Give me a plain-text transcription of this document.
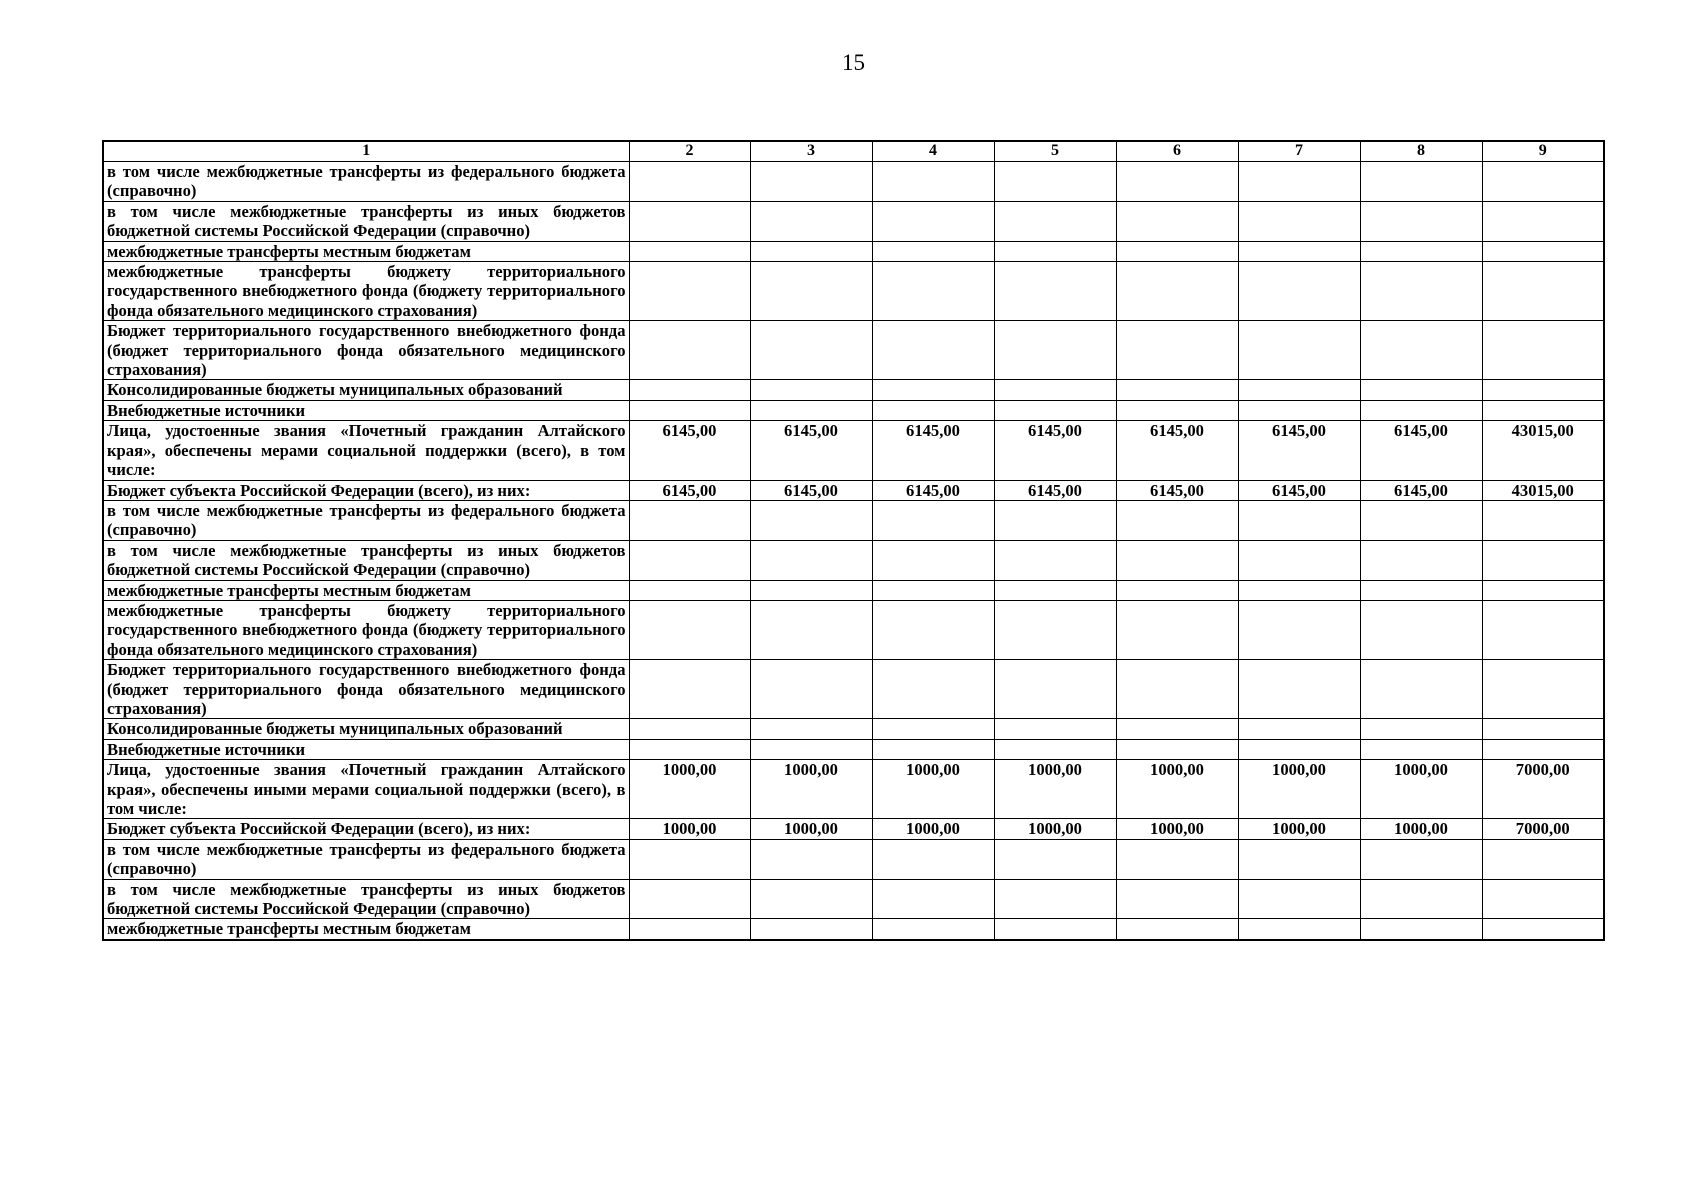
15
1	2	3	4	5	6	7	8	9
в том числе межбюджетные трансферты из федерального бюджета (справочно)								
в том числе межбюджетные трансферты из иных бюджетов бюджетной системы Российской Федерации (справочно)								
межбюджетные трансферты местным бюджетам								
межбюджетные трансферты бюджету территориального государственного внебюджетного фонда (бюджету территориального фонда обязательного медицинского страхования)								
Бюджет территориального государственного внебюджетного фонда (бюджет территориального фонда обязательного медицинского страхования)								
Консолидированные бюджеты муниципальных образований								
Внебюджетные источники								
Лица, удостоенные звания «Почетный гражданин Алтайского края», обеспечены мерами социальной поддержки (всего), в том числе:	6145,00	6145,00	6145,00	6145,00	6145,00	6145,00	6145,00	43015,00
Бюджет субъекта Российской Федерации (всего), из них:	6145,00	6145,00	6145,00	6145,00	6145,00	6145,00	6145,00	43015,00
в том числе межбюджетные трансферты из федерального бюджета (справочно)								
в том числе межбюджетные трансферты из иных бюджетов бюджетной системы Российской Федерации (справочно)								
межбюджетные трансферты местным бюджетам								
межбюджетные трансферты бюджету территориального государственного внебюджетного фонда (бюджету территориального фонда обязательного медицинского страхования)								
Бюджет территориального государственного внебюджетного фонда (бюджет территориального фонда обязательного медицинского страхования)								
Консолидированные бюджеты муниципальных образований								
Внебюджетные источники								
Лица, удостоенные звания «Почетный гражданин Алтайского края», обеспечены иными мерами социальной поддержки (всего), в том числе:	1000,00	1000,00	1000,00	1000,00	1000,00	1000,00	1000,00	7000,00
Бюджет субъекта Российской Федерации (всего), из них:	1000,00	1000,00	1000,00	1000,00	1000,00	1000,00	1000,00	7000,00
в том числе межбюджетные трансферты из федерального бюджета (справочно)								
в том числе межбюджетные трансферты из иных бюджетов бюджетной системы Российской Федерации (справочно)								
межбюджетные трансферты местным бюджетам								
